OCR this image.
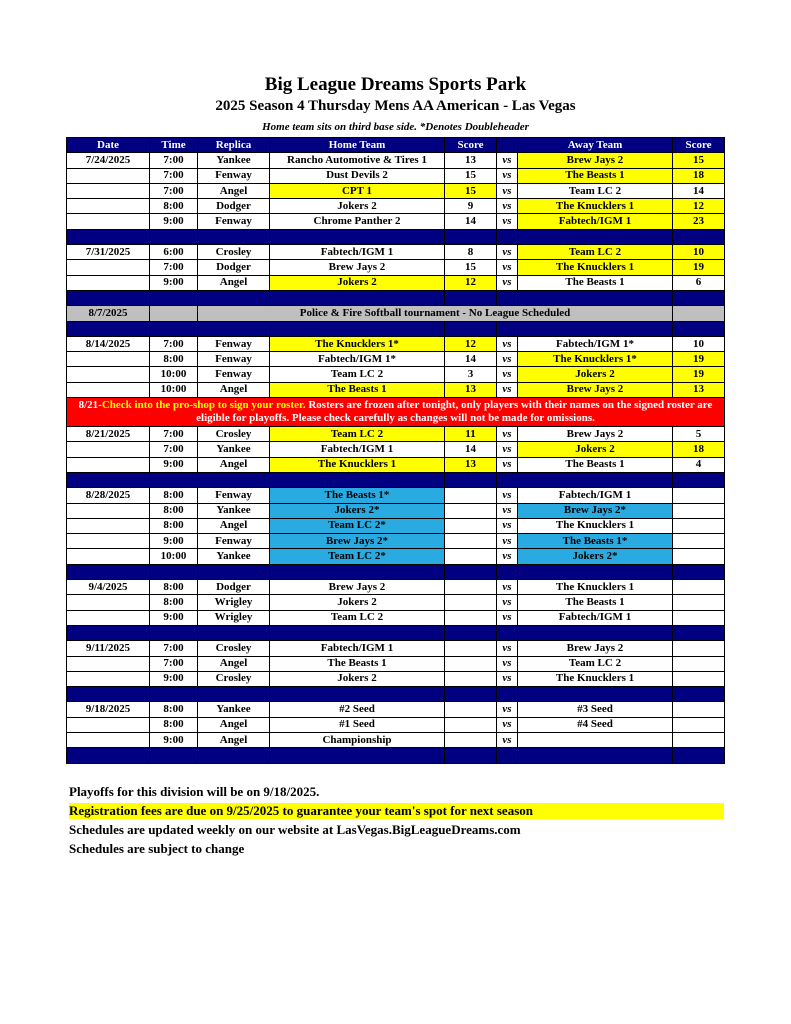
Big League Dreams Sports Park
2025 Season 4 Thursday Mens AA American - Las Vegas
Home team sits on third base side. *Denotes Doubleheader
Date	Time	Replica	Home Team	Score		Away Team	Score
7/24/2025	7:00	Yankee	Rancho Automotive & Tires 1	13	vs	Brew Jays 2	15
	7:00	Fenway	Dust Devils 2	15	vs	The Beasts 1	18
	7:00	Angel	CPT 1	15	vs	Team LC 2	14
	8:00	Dodger	Jokers 2	9	vs	The Knucklers 1	12
	9:00	Fenway	Chrome Panther 2	14	vs	Fabtech/IGM 1	23

7/31/2025	6:00	Crosley	Fabtech/IGM 1	8	vs	Team LC 2	10
	7:00	Dodger	Brew Jays 2	15	vs	The Knucklers 1	19
	9:00	Angel	Jokers 2	12	vs	The Beasts 1	6

8/7/2025		Police & Fire Softball tournament - No League Scheduled					

8/14/2025	7:00	Fenway	The Knucklers 1*	12	vs	Fabtech/IGM 1*	10
	8:00	Fenway	Fabtech/IGM 1*	14	vs	The Knucklers 1*	19
	10:00	Fenway	Team LC 2	3	vs	Jokers 2	19
	10:00	Angel	The Beasts 1	13	vs	Brew Jays 2	13
8/21-Check into the pro-shop to sign your roster. Rosters are frozen after tonight, only players with their names on the signed roster are eligible for playoffs. Please check carefully as changes will not be made for omissions.							
8/21/2025	7:00	Crosley	Team LC 2	11	vs	Brew Jays 2	5
	7:00	Yankee	Fabtech/IGM 1	14	vs	Jokers 2	18
	9:00	Angel	The Knucklers 1	13	vs	The Beasts 1	4

8/28/2025	8:00	Fenway	The Beasts 1*		vs	Fabtech/IGM 1	
	8:00	Yankee	Jokers 2*		vs	Brew Jays 2*	
	8:00	Angel	Team LC 2*		vs	The Knucklers 1	
	9:00	Fenway	Brew Jays 2*		vs	The Beasts 1*	
	10:00	Yankee	Team LC 2*		vs	Jokers 2*	

9/4/2025	8:00	Dodger	Brew Jays 2		vs	The Knucklers 1	
	8:00	Wrigley	Jokers 2		vs	The Beasts 1	
	9:00	Wrigley	Team LC 2		vs	Fabtech/IGM 1	

9/11/2025	7:00	Crosley	Fabtech/IGM 1		vs	Brew Jays 2	
	7:00	Angel	The Beasts 1		vs	Team LC 2	
	9:00	Crosley	Jokers 2		vs	The Knucklers 1	

9/18/2025	8:00	Yankee	#2 Seed		vs	#3 Seed	
	8:00	Angel	#1 Seed		vs	#4 Seed	
	9:00	Angel	Championship		vs		

Playoffs for this division will be on 9/18/2025.
Registration fees are due on 9/25/2025 to guarantee your team's spot for next season
Schedules are updated weekly on our website at LasVegas.BigLeagueDreams.com
Schedules are subject to change
